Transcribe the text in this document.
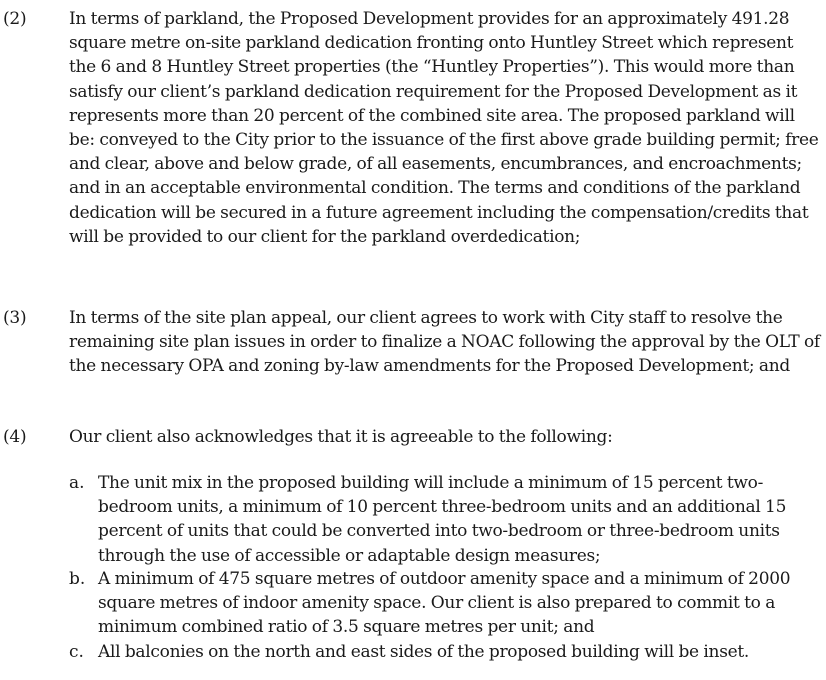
(2)	In terms of parkland, the Proposed Development provides for an approximately 491.28 square metre on-site parkland dedication fronting onto Huntley Street which represent the 6 and 8 Huntley Street properties (the “Huntley Properties”). This would more than satisfy our client’s parkland dedication requirement for the Proposed Development as it represents more than 20 percent of the combined site area. The proposed parkland will be: conveyed to the City prior to the issuance of the first above grade building permit; free and clear, above and below grade, of all easements, encumbrances, and encroachments; and in an acceptable environmental condition. The terms and conditions of the parkland dedication will be secured in a future agreement including the compensation/credits that will be provided to our client for the parkland overdedication;

(3)	In terms of the site plan appeal, our client agrees to work with City staff to resolve the remaining site plan issues in order to finalize a NOAC following the approval by the OLT of the necessary OPA and zoning by-law amendments for the Proposed Development; and

(4)	Our client also acknowledges that it is agreeable to the following:

a. The unit mix in the proposed building will include a minimum of 15 percent two-bedroom units, a minimum of 10 percent three-bedroom units and an additional 15 percent of units that could be converted into two-bedroom or three-bedroom units through the use of accessible or adaptable design measures;

b. A minimum of 475 square metres of outdoor amenity space and a minimum of 2000 square metres of indoor amenity space. Our client is also prepared to commit to a minimum combined ratio of 3.5 square metres per unit; and

c. All balconies on the north and east sides of the proposed building will be inset.
